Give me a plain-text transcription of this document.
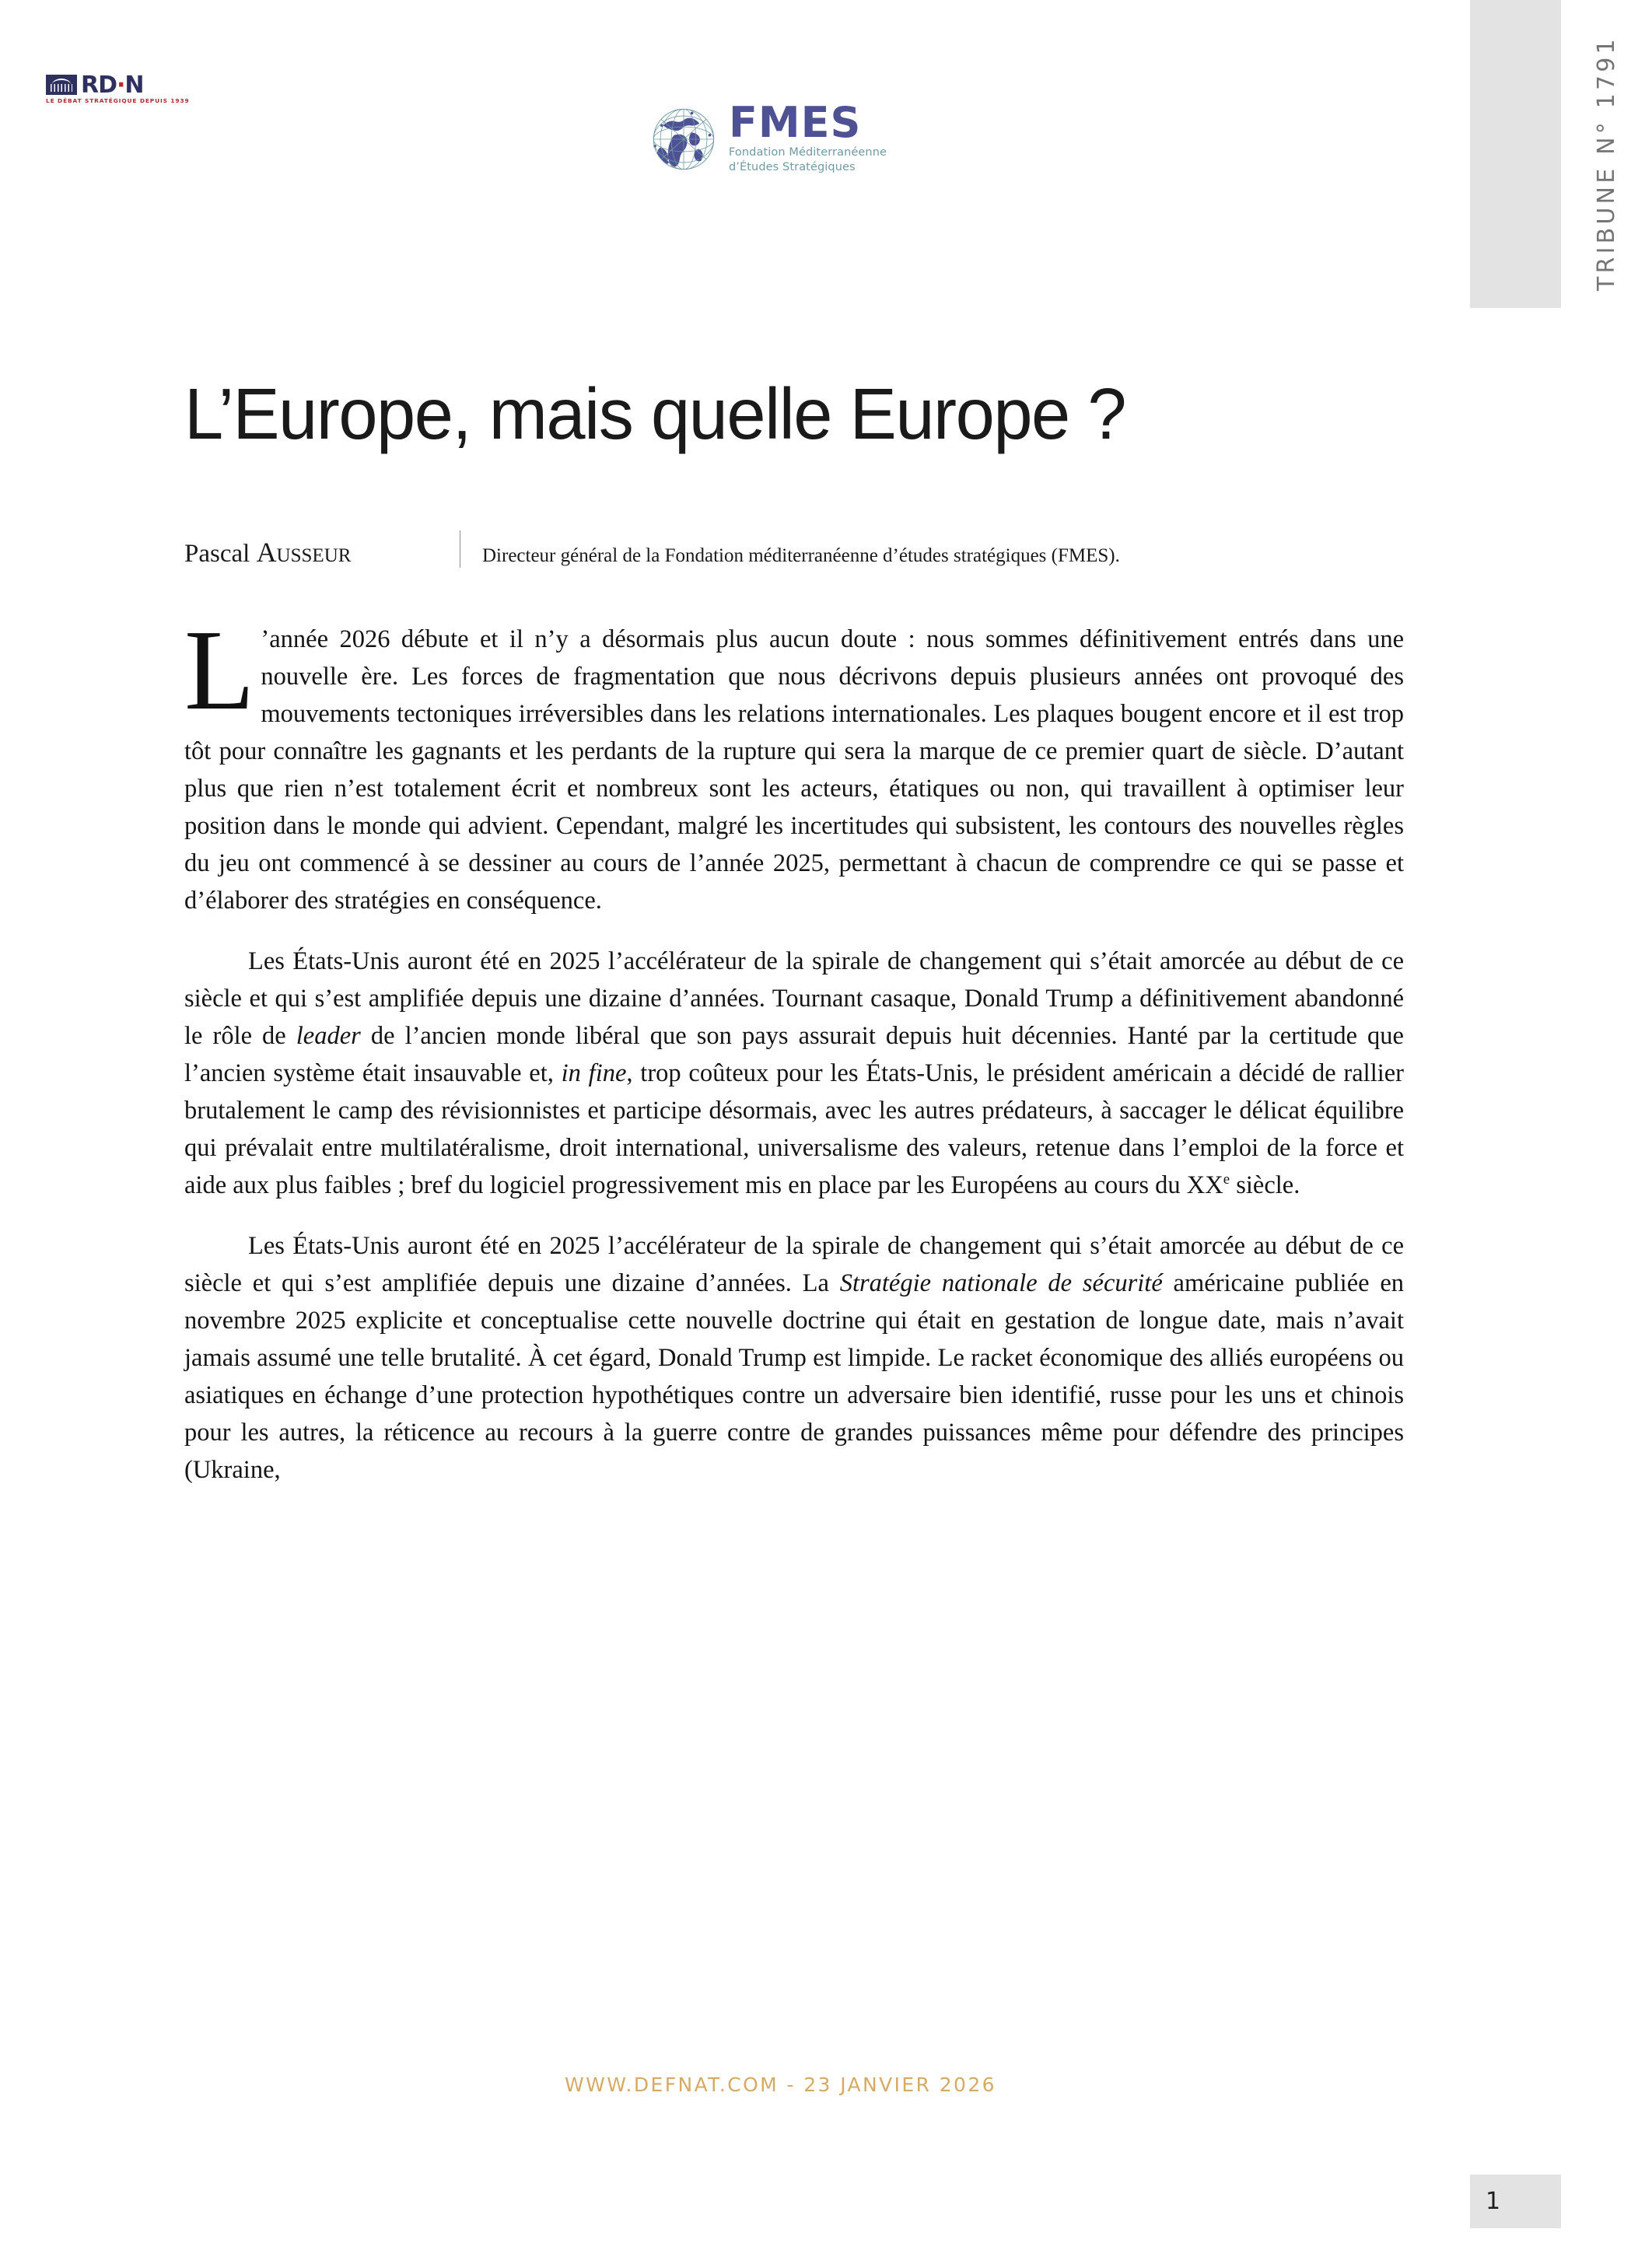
RD·N
LE DÉBAT STRATÉGIQUE DEPUIS 1939	FMES
Fondation Méditerranéenne
d’Études Stratégiques	TRIBUNE N° 1791
L’Europe, mais quelle Europe ?
Pascal Ausseur	Directeur général de la Fondation méditerranéenne d’études stratégiques (FMES).

L ’année 2026 débute et il n’y a désormais plus aucun doute : nous sommes définitivement entrés dans une nouvelle ère. Les forces de fragmentation que nous décrivons depuis plusieurs années ont provoqué des mouvements tectoniques irréversibles dans les relations internationales. Les plaques bougent encore et il est trop tôt pour connaître les gagnants et les perdants de la rupture qui sera la marque de ce premier quart de siècle. D’autant plus que rien n’est totalement écrit et nombreux sont les acteurs, étatiques ou non, qui travaillent à optimiser leur position dans le monde qui advient. Cependant, malgré les incertitudes qui subsistent, les contours des nouvelles règles du jeu ont commencé à se dessiner au cours de l’année 2025, permettant à chacun de comprendre ce qui se passe et d’élaborer des stratégies en conséquence.

Les États-Unis auront été en 2025 l’accélérateur de la spirale de changement qui s’était amorcée au début de ce siècle et qui s’est amplifiée depuis une dizaine d’années. Tournant casaque, Donald Trump a définitivement abandonné le rôle de leader de l’ancien monde libéral que son pays assurait depuis huit décennies. Hanté par la certitude que l’ancien système était insauvable et, in fine, trop coûteux pour les États-Unis, le président américain a décidé de rallier brutalement le camp des révisionnistes et participe désormais, avec les autres prédateurs, à saccager le délicat équilibre qui prévalait entre multilatéralisme, droit international, universalisme des valeurs, retenue dans l’emploi de la force et aide aux plus faibles ; bref du logiciel progressivement mis en place par les Européens au cours du XXe siècle.

Les États-Unis auront été en 2025 l’accélérateur de la spirale de changement qui s’était amorcée au début de ce siècle et qui s’est amplifiée depuis une dizaine d’années. La Stratégie nationale de sécurité américaine publiée en novembre 2025 explicite et conceptualise cette nouvelle doctrine qui était en gestation de longue date, mais n’avait jamais assumé une telle brutalité. À cet égard, Donald Trump est limpide. Le racket économique des alliés européens ou asiatiques en échange d’une protection hypothétiques contre un adversaire bien identifié, russe pour les uns et chinois pour les autres, la réticence au recours à la guerre contre de grandes puissances même pour défendre des principes (Ukraine,

WWW.DEFNAT.COM - 23 JANVIER 2026
1
